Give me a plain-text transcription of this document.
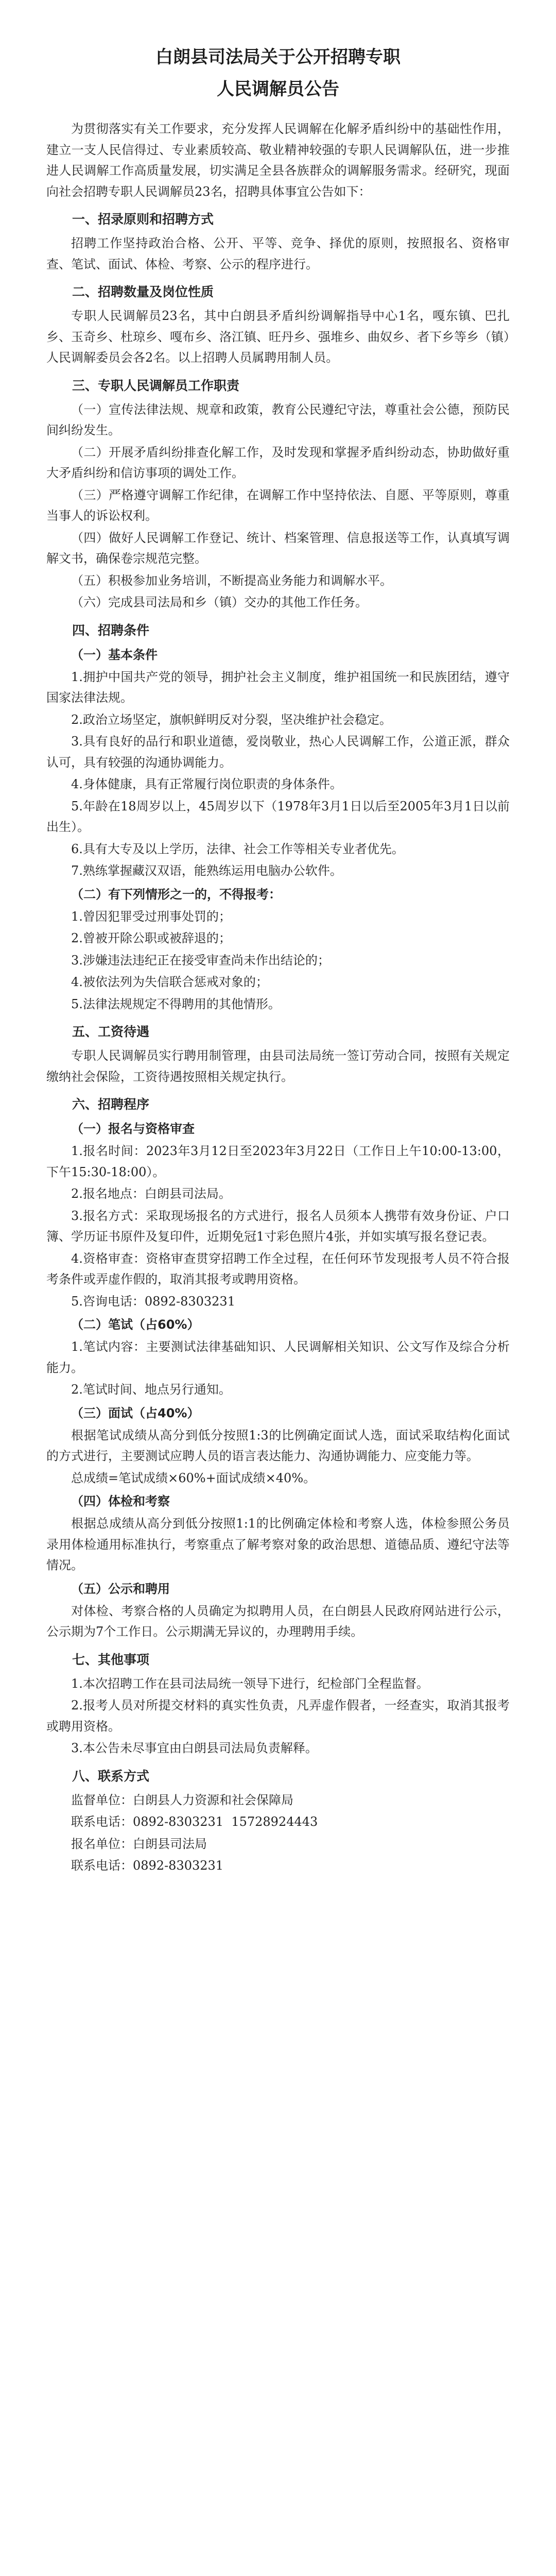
白朗县司法局关于公开招聘专职
人民调解员公告

为贯彻落实有关工作要求，充分发挥人民调解在化解矛盾纠纷中的基础性作用，建立一支人民信得过、专业素质较高、敬业精神较强的专职人民调解队伍，进一步推进人民调解工作高质量发展，切实满足全县各族群众的调解服务需求。经研究，现面向社会招聘专职人民调解员23名，招聘具体事宜公告如下：

一、招录原则和招聘方式

招聘工作坚持政治合格、公开、平等、竞争、择优的原则，按照报名、资格审查、笔试、面试、体检、考察、公示的程序进行。

二、招聘数量及岗位性质

专职人民调解员23名，其中白朗县矛盾纠纷调解指导中心1名，嘎东镇、巴扎乡、玉奇乡、杜琼乡、嘎布乡、洛江镇、旺丹乡、强堆乡、曲奴乡、者下乡等乡（镇）人民调解委员会各2名。以上招聘人员属聘用制人员。

三、专职人民调解员工作职责

（一）宣传法律法规、规章和政策，教育公民遵纪守法，尊重社会公德，预防民间纠纷发生。

（二）开展矛盾纠纷排查化解工作，及时发现和掌握矛盾纠纷动态，协助做好重大矛盾纠纷和信访事项的调处工作。

（三）严格遵守调解工作纪律，在调解工作中坚持依法、自愿、平等原则，尊重当事人的诉讼权利。

（四）做好人民调解工作登记、统计、档案管理、信息报送等工作，认真填写调解文书，确保卷宗规范完整。

（五）积极参加业务培训，不断提高业务能力和调解水平。

（六）完成县司法局和乡（镇）交办的其他工作任务。

四、招聘条件
（一）基本条件

1.拥护中国共产党的领导，拥护社会主义制度，维护祖国统一和民族团结，遵守国家法律法规。

2.政治立场坚定，旗帜鲜明反对分裂，坚决维护社会稳定。

3.具有良好的品行和职业道德，爱岗敬业，热心人民调解工作，公道正派，群众认可，具有较强的沟通协调能力。

4.身体健康，具有正常履行岗位职责的身体条件。

5.年龄在18周岁以上，45周岁以下（1978年3月1日以后至2005年3月1日以前出生）。

6.具有大专及以上学历，法律、社会工作等相关专业者优先。

7.熟练掌握藏汉双语，能熟练运用电脑办公软件。

（二）有下列情形之一的，不得报考：

1.曾因犯罪受过刑事处罚的；

2.曾被开除公职或被辞退的；

3.涉嫌违法违纪正在接受审查尚未作出结论的；

4.被依法列为失信联合惩戒对象的；

5.法律法规规定不得聘用的其他情形。

五、工资待遇

专职人民调解员实行聘用制管理，由县司法局统一签订劳动合同，按照有关规定缴纳社会保险，工资待遇按照相关规定执行。

六、招聘程序
（一）报名与资格审查

1.报名时间：2023年3月12日至2023年3月22日（工作日上午10:00-13:00，下午15:30-18:00）。

2.报名地点：白朗县司法局。

3.报名方式：采取现场报名的方式进行，报名人员须本人携带有效身份证、户口簿、学历证书原件及复印件，近期免冠1寸彩色照片4张，并如实填写报名登记表。

4.资格审查：资格审查贯穿招聘工作全过程，在任何环节发现报考人员不符合报考条件或弄虚作假的，取消其报考或聘用资格。

5.咨询电话：0892-8303231

（二）笔试（占60%）

1.笔试内容：主要测试法律基础知识、人民调解相关知识、公文写作及综合分析能力。

2.笔试时间、地点另行通知。

（三）面试（占40%）

根据笔试成绩从高分到低分按照1:3的比例确定面试人选，面试采取结构化面试的方式进行，主要测试应聘人员的语言表达能力、沟通协调能力、应变能力等。

总成绩=笔试成绩×60%+面试成绩×40%。

（四）体检和考察

根据总成绩从高分到低分按照1:1的比例确定体检和考察人选，体检参照公务员录用体检通用标准执行，考察重点了解考察对象的政治思想、道德品质、遵纪守法等情况。

（五）公示和聘用

对体检、考察合格的人员确定为拟聘用人员，在白朗县人民政府网站进行公示，公示期为7个工作日。公示期满无异议的，办理聘用手续。

七、其他事项

1.本次招聘工作在县司法局统一领导下进行，纪检部门全程监督。

2.报考人员对所提交材料的真实性负责，凡弄虚作假者，一经查实，取消其报考或聘用资格。

3.本公告未尽事宜由白朗县司法局负责解释。

八、联系方式

监督单位：白朗县人力资源和社会保障局

联系电话：0892-8303231  15728924443

报名单位：白朗县司法局

联系电话：0892-8303231
